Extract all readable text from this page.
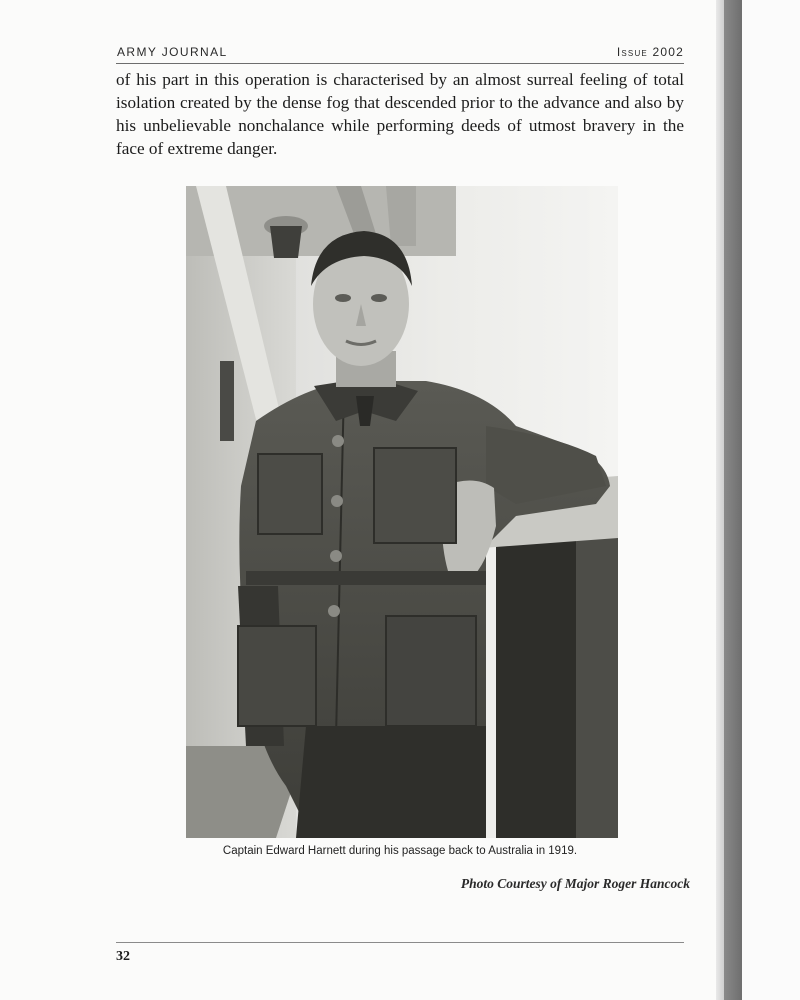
ARMY JOURNAL	Issue 2002

of his part in this operation is characterised by an almost surreal feeling of total isolation created by the dense fog that descended prior to the advance and also by his unbelievable nonchalance while performing deeds of utmost bravery in the face of extreme danger.

Captain Edward Harnett during his passage back to Australia in 1919.
Photo Courtesy of Major Roger Hancock
32
